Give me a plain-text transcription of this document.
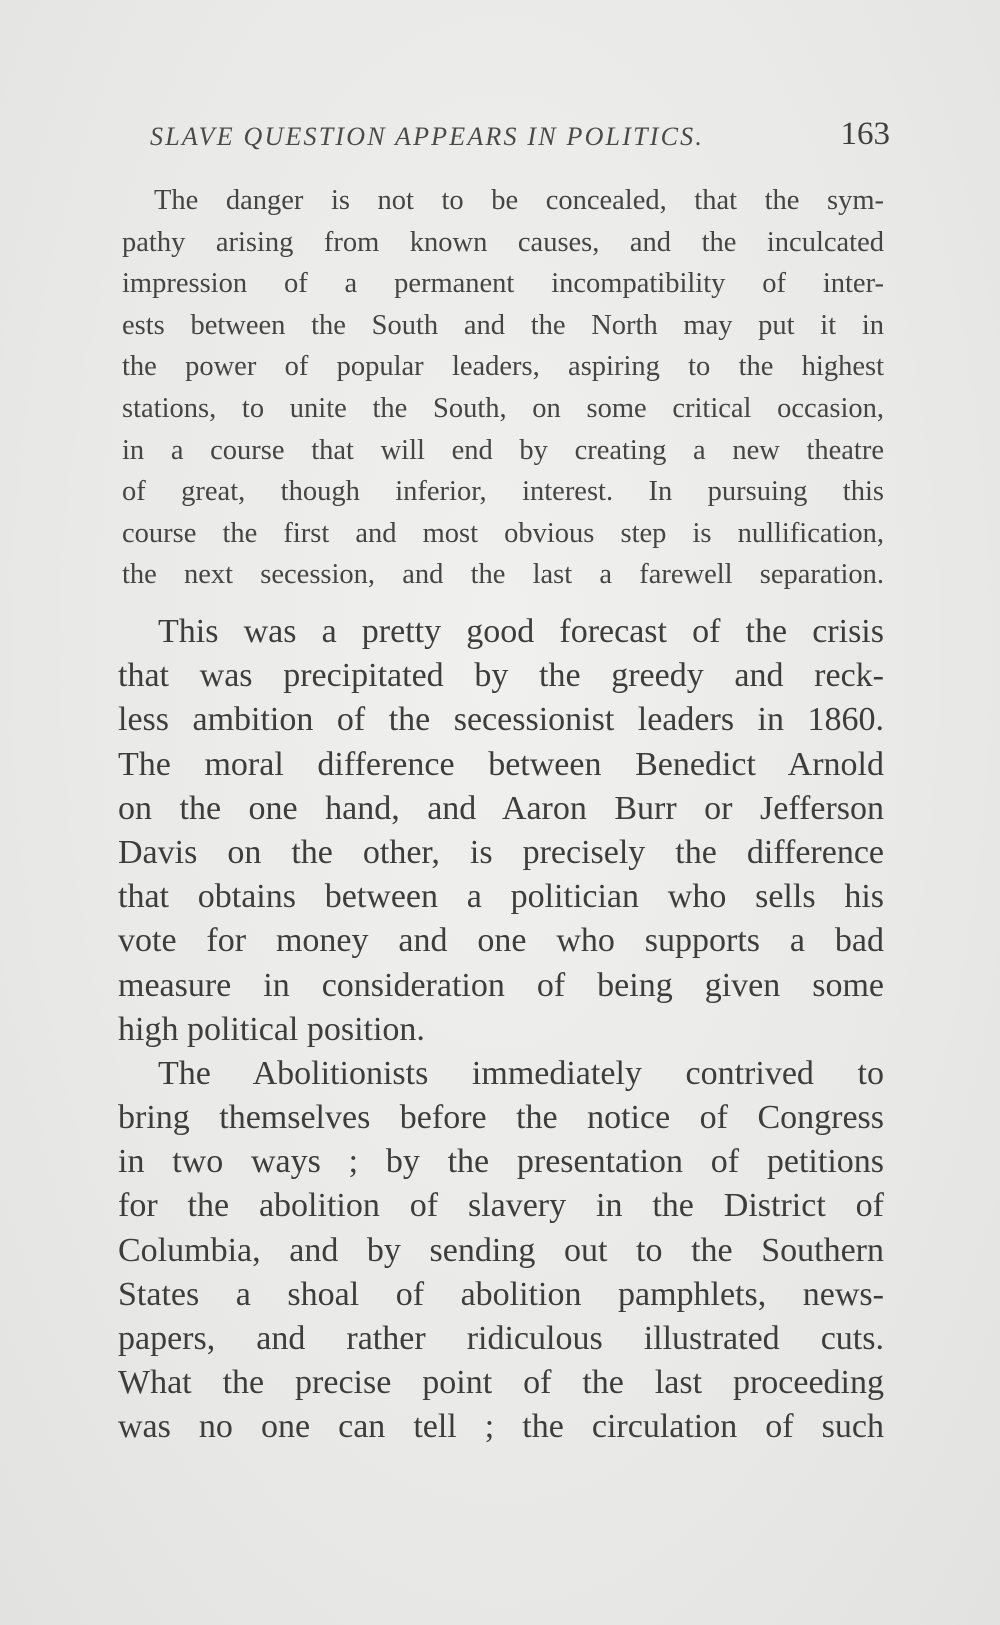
SLAVE QUESTION APPEARS IN POLITICS.	163
The danger is not to be concealed, that the sym-
pathy arising from known causes, and the inculcated
impression of a permanent incompatibility of inter-
ests between the South and the North may put it in
the power of popular leaders, aspiring to the highest
stations, to unite the South, on some critical occasion,
in a course that will end by creating a new theatre
of great, though inferior, interest. In pursuing this
course the first and most obvious step is nullification,
the next secession, and the last a farewell separation.
This was a pretty good forecast of the crisis
that was precipitated by the greedy and reck-
less ambition of the secessionist leaders in 1860.
The moral difference between Benedict Arnold
on the one hand, and Aaron Burr or Jefferson
Davis on the other, is precisely the difference
that obtains between a politician who sells his
vote for money and one who supports a bad
measure in consideration of being given some
high political position.
The Abolitionists immediately contrived to
bring themselves before the notice of Congress
in two ways ; by the presentation of petitions
for the abolition of slavery in the District of
Columbia, and by sending out to the Southern
States a shoal of abolition pamphlets, news-
papers, and rather ridiculous illustrated cuts.
What the precise point of the last proceeding
was no one can tell ; the circulation of such
